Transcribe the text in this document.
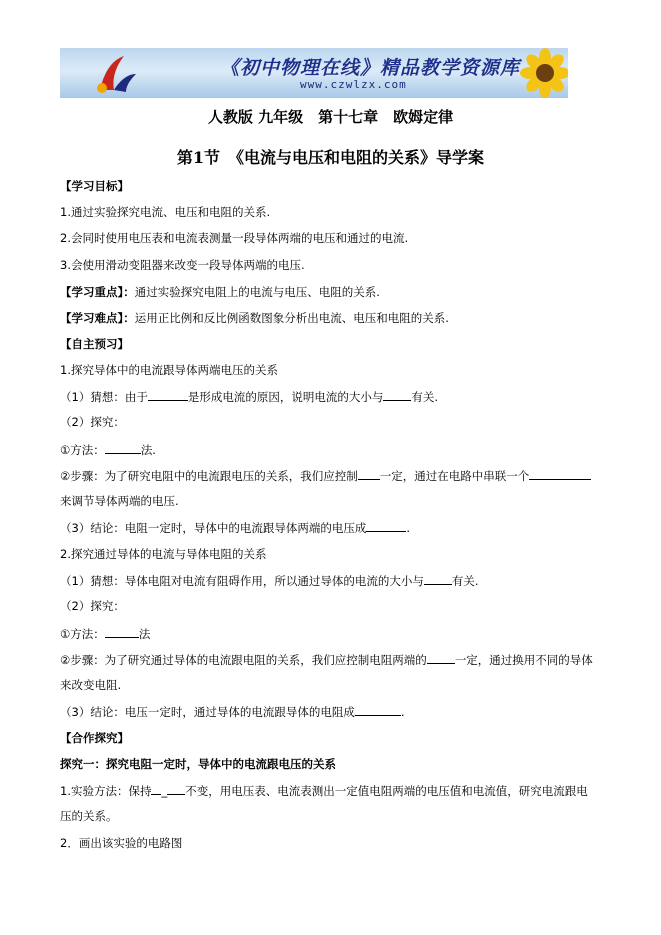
《初中物理在线》精品教学资源库
www.czwlzx.com
人教版 九年级　第十七章　欧姆定律
第1节　《电流与电压和电阻的关系》导学案
【学习目标】
1.通过实验探究电流、电压和电阻的关系.
2.会同时使用电压表和电流表测量一段导体两端的电压和通过的电流.
3.会使用滑动变阻器来改变一段导体两端的电压.
【学习重点】：通过实验探究电阻上的电流与电压、电阻的关系.
【学习难点】：运用正比例和反比例函数图象分析出电流、电压和电阻的关系.
【自主预习】
1.探究导体中的电流跟导体两端电压的关系
（1）猜想：由于	是形成电流的原因，说明电流的大小与 有关.
（2）探究：
①方法：	法.
②步骤：为了研究电阻中的电流跟电压的关系，我们应控制 一定，通过在电路中串联一个
来调节导体两端的电压.
（3）结论：电阻一定时，导体中的电流跟导体两端的电压成	.
2.探究通过导体的电流与导体电阻的关系
（1）猜想：导体电阻对电流有阻碍作用，所以通过导体的电流的大小与 有关.
（2）探究：
①方法：	法
②步骤：为了研究通过导体的电流跟电阻的关系，我们应控制电阻两端的 一定，通过换用不同的导体
来改变电阻.
（3）结论：电压一定时，通过导体的电流跟导体的电阻成	.
【合作探究】
探究一：探究电阻一定时，导体中的电流跟电压的关系
1.实验方法：保持 _ 不变，用电压表、电流表测出一定值电阻两端的电压值和电流值，研究电流跟电
压的关系。
2．画出该实验的电路图
